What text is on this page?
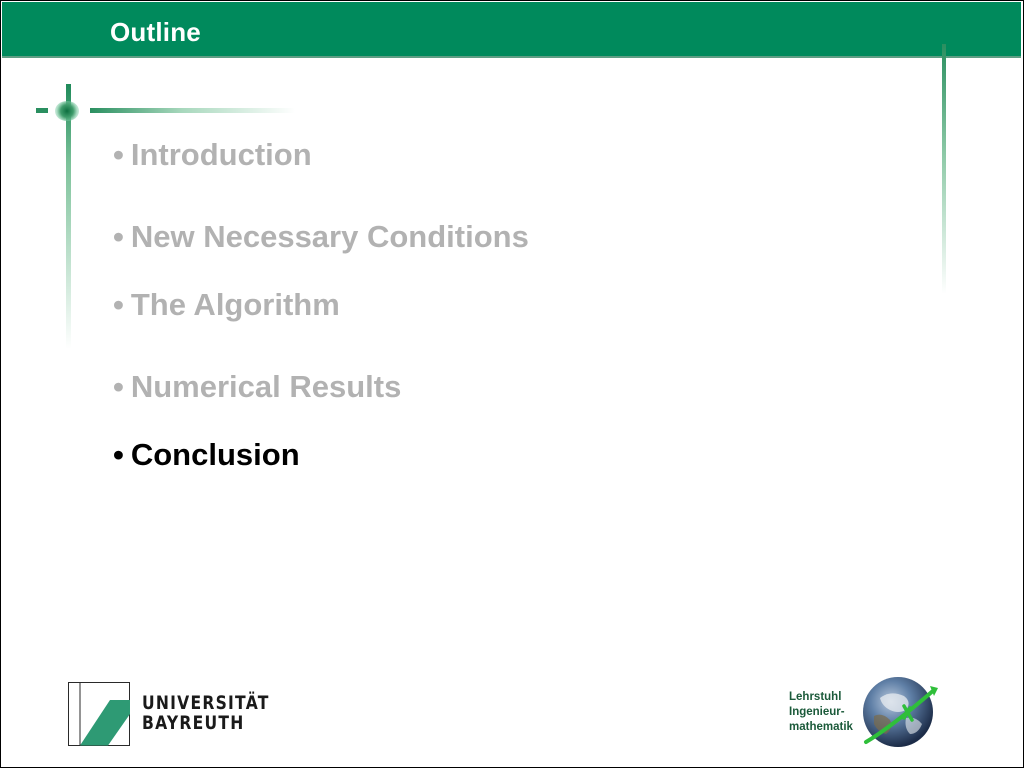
Outline
• Introduction
• New Necessary Conditions
• The Algorithm
• Numerical Results
• Conclusion
UNIVERSITÄT
BAYREUTH
Lehrstuhl
Ingenieur-
mathematik
